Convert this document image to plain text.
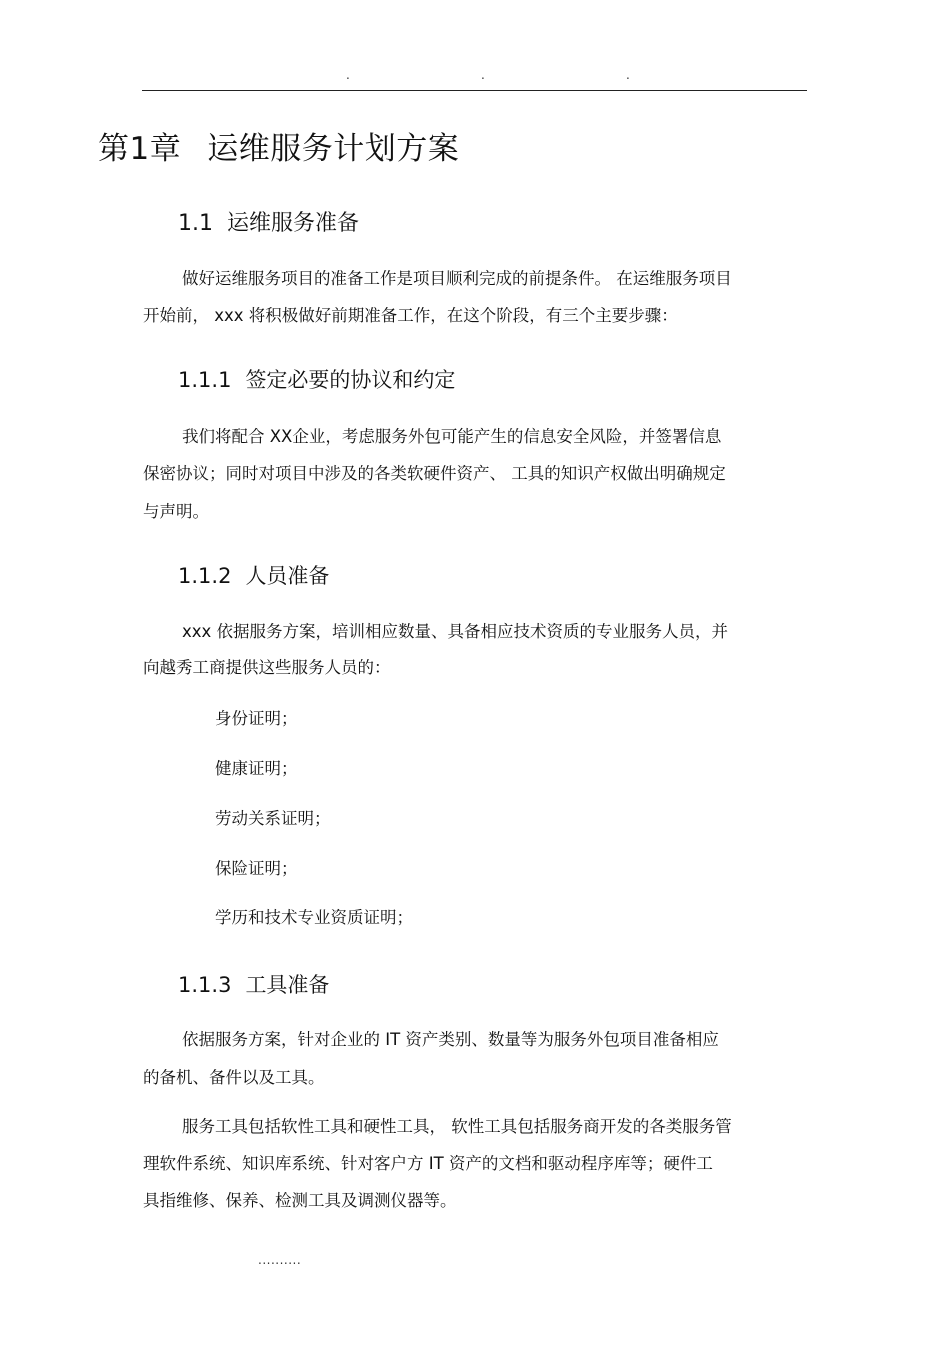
.	.	.
第1章 运维服务计划方案
1.1 运维服务准备

做好运维服务项目的准备工作是项目顺利完成的前提条件。 在运维服务项目

开始前， xxx 将积极做好前期准备工作，在这个阶段，有三个主要步骤：

1.1.1 签定必要的协议和约定

我们将配合 XX企业，考虑服务外包可能产生的信息安全风险，并签署信息

保密协议；同时对项目中涉及的各类软硬件资产、 工具的知识产权做出明确规定

与声明。

1.1.2 人员准备

xxx 依据服务方案，培训相应数量、具备相应技术资质的专业服务人员，并

向越秀工商提供这些服务人员的：

身份证明；

健康证明；

劳动关系证明；

保险证明；

学历和技术专业资质证明；

1.1.3 工具准备

依据服务方案，针对企业的 IT 资产类别、数量等为服务外包项目准备相应

的备机、备件以及工具。

服务工具包括软性工具和硬性工具， 软性工具包括服务商开发的各类服务管

理软件系统、知识库系统、针对客户方 IT 资产的文档和驱动程序库等；硬件工

具指维修、保养、检测工具及调测仪器等。

..........
